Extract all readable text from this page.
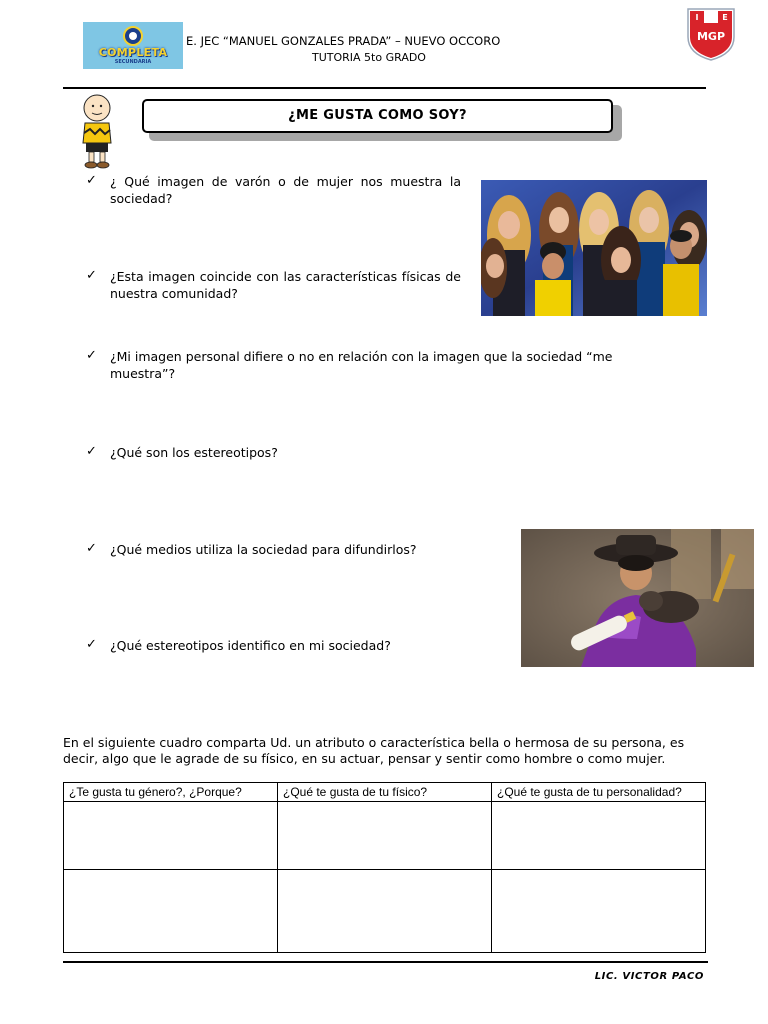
COMPLETA
SECUNDARIA
E. JEC “MANUEL GONZALES PRADA” – NUEVO OCCORO
TUTORIA 5to GRADO
I	E
MGP
¿ME GUSTA COMO SOY?
✓ ¿ Qué imagen de varón o de mujer nos muestra la sociedad?
✓ ¿Esta imagen coincide con las características físicas de nuestra comunidad?
✓ ¿Mi imagen personal difiere o no en relación con la imagen que la sociedad “me muestra”?
✓ ¿Qué son los estereotipos?
✓ ¿Qué medios utiliza la sociedad para difundirlos?
✓ ¿Qué estereotipos identifico en mi sociedad?
En el siguiente cuadro comparta Ud. un atributo o característica bella o hermosa de su persona, es decir, algo que le agrade de su físico, en su actuar, pensar y sentir como hombre o como mujer.
¿Te gusta tu género?, ¿Porque?	¿Qué te gusta de tu físico?	¿Qué te gusta de tu personalidad?

LIC. VICTOR PACO
